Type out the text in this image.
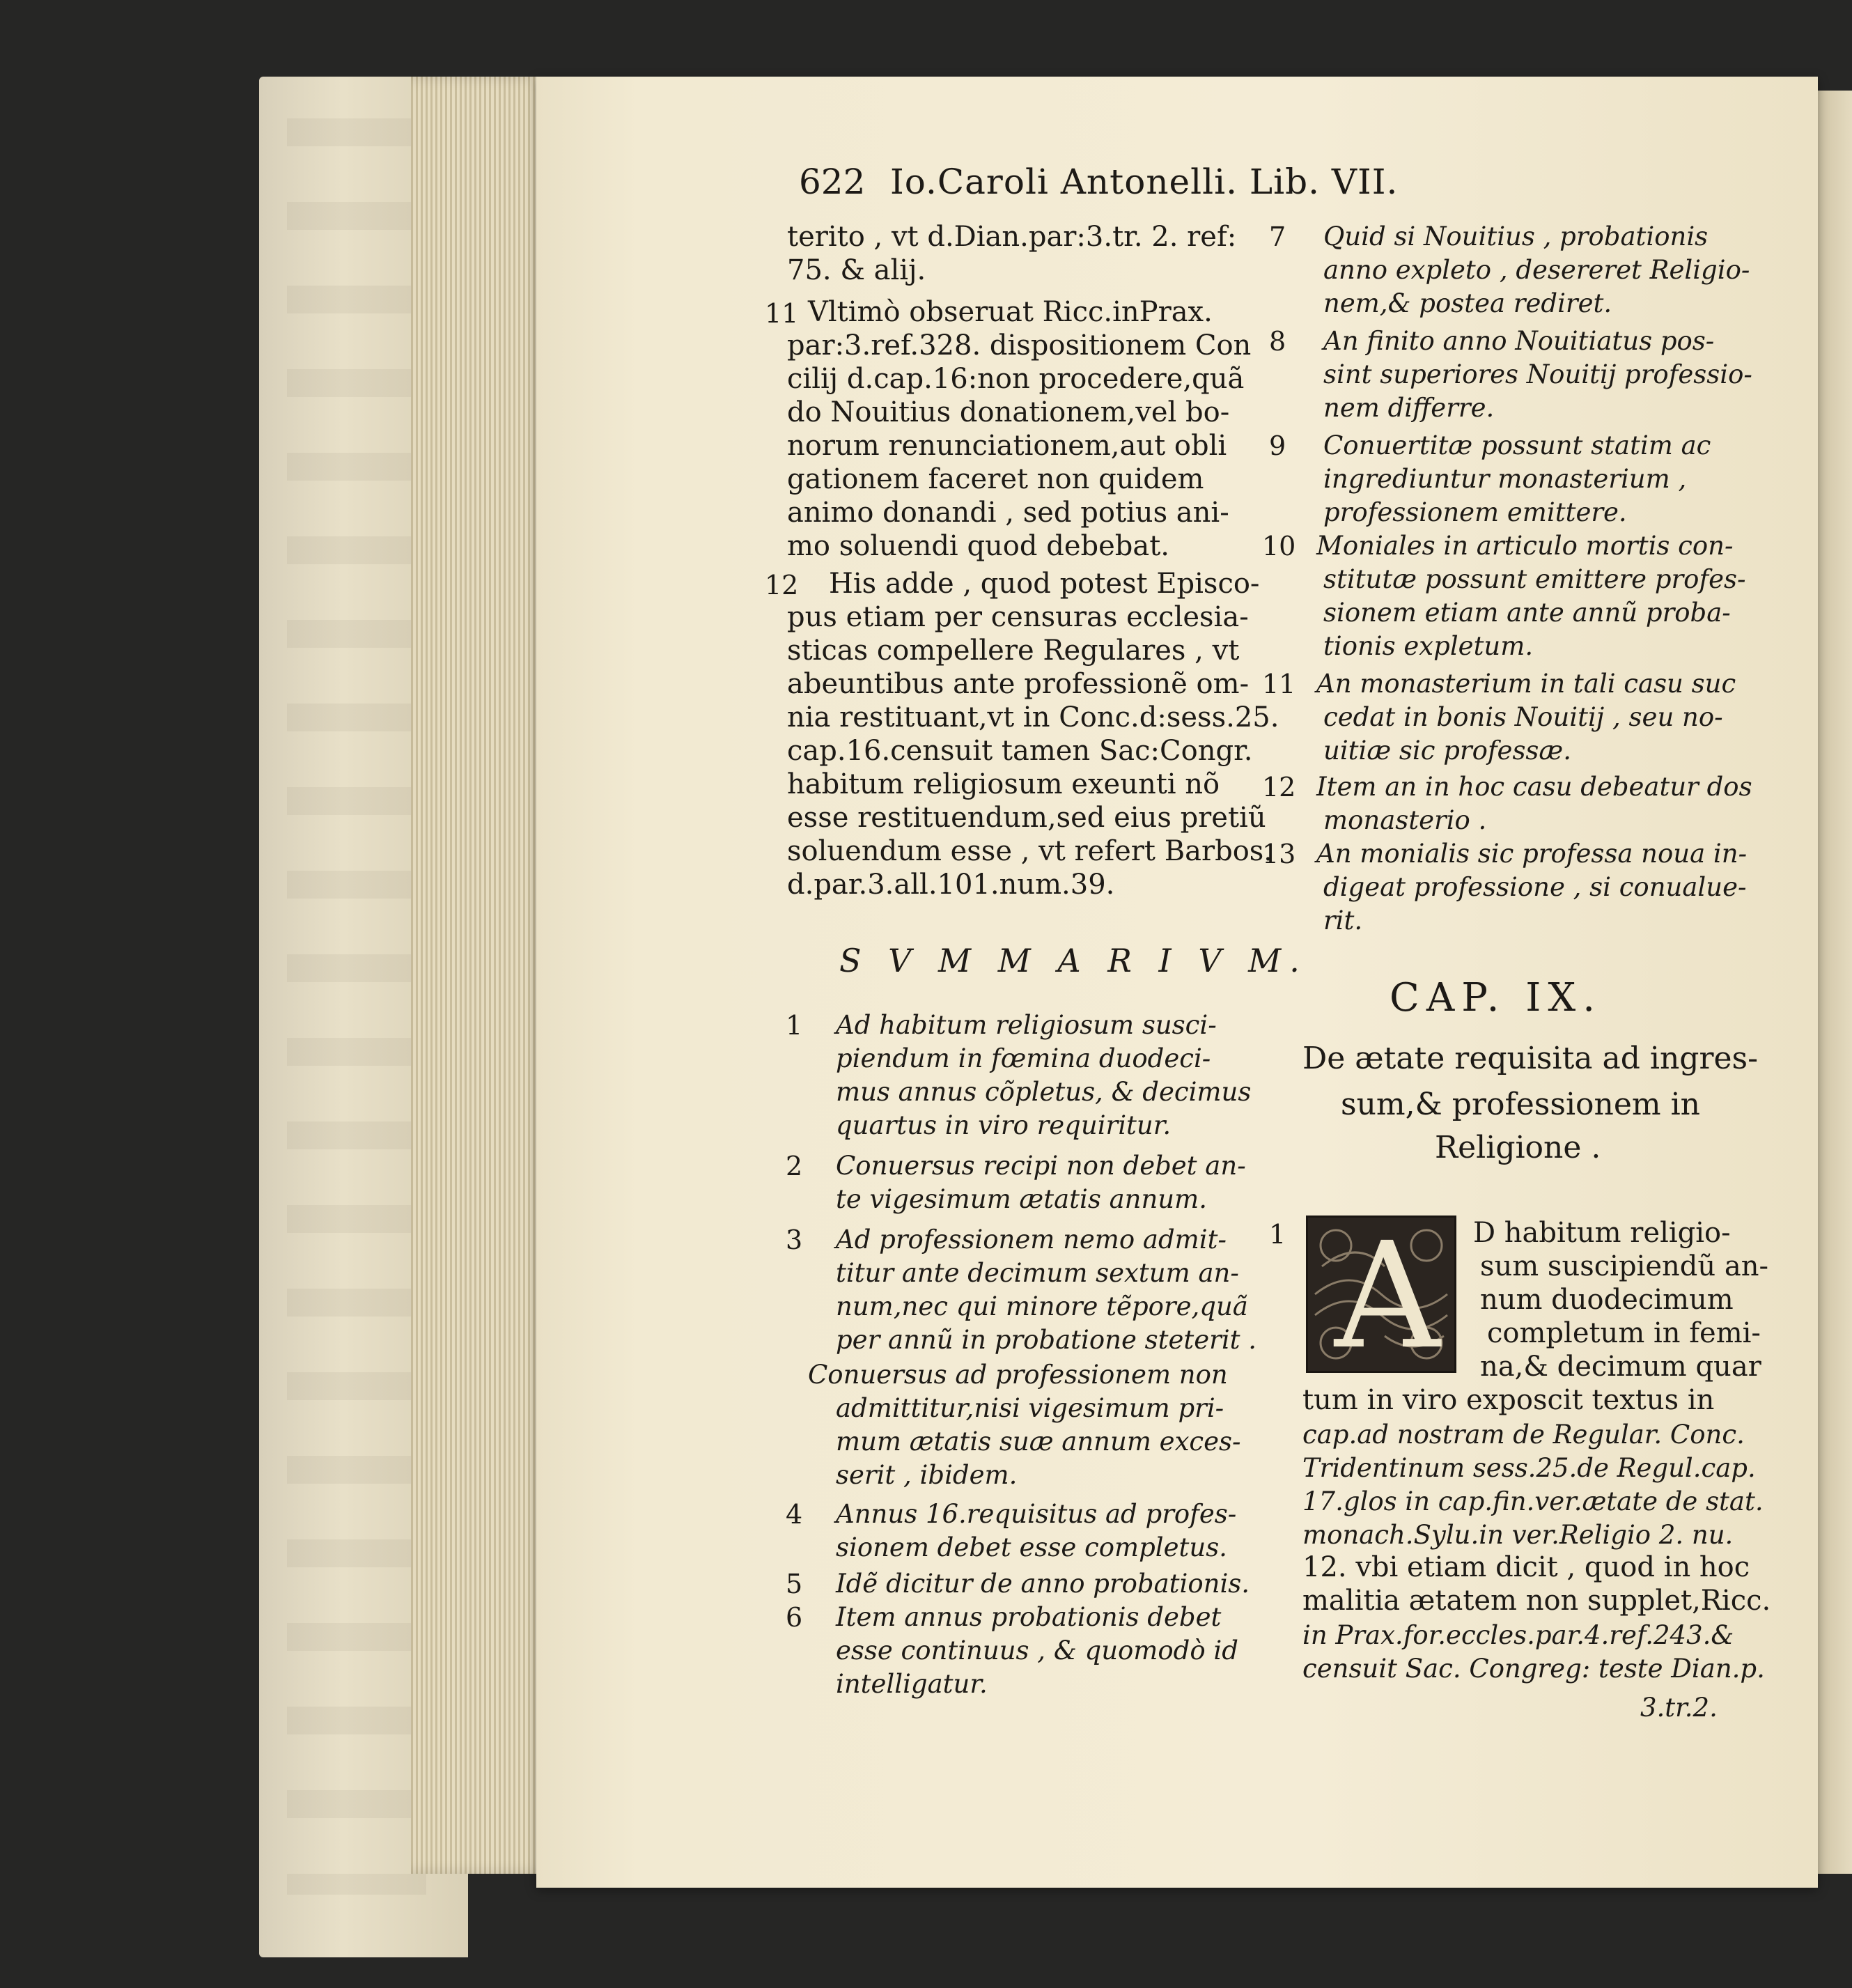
622 Io.Caroli Antonelli. Lib. VII.
terito , vt d.Dian.par:3.tr. 2. ref:
75. & alij.
11 Vltimò obseruat Ricc.inPrax.
par:3.ref.328. dispositionem Con
cilij d.cap.16:non procedere,quã
do Nouitius donationem,vel bo-
norum renunciationem,aut obli
gationem faceret non quidem
animo donandi , sed potius ani-
mo soluendi quod debebat.
12 His adde , quod potest Episco-
pus etiam per censuras ecclesia-
sticas compellere Regulares , vt
abeuntibus ante professionẽ om-
nia restituant,vt in Conc.d:sess.25.
cap.16.censuit tamen Sac:Congr.
habitum religiosum exeunti nõ
esse restituendum,sed eius pretiũ
soluendum esse , vt refert Barbos.
d.par.3.all.101.num.39.
S V M M A R I V M.
1 Ad habitum religiosum susci-
piendum in fœmina duodeci-
mus annus cõpletus, & decimus
quartus in viro requiritur.
2 Conuersus recipi non debet an-
te vigesimum ætatis annum.
3 Ad professionem nemo admit-
titur ante decimum sextum an-
num,nec qui minore tẽpore,quã
per annũ in probatione steterit .
Conuersus ad professionem non
admittitur,nisi vigesimum pri-
mum ætatis suæ annum exces-
serit , ibidem.
4 Annus 16.requisitus ad profes-
sionem debet esse completus.
5 Idẽ dicitur de anno probationis.
6 Item annus probationis debet
esse continuus , & quomodò id
intelligatur.
7 Quid si Nouitius , probationis
anno expleto , desereret Religio-
nem,& postea rediret.
8 An finito anno Nouitiatus pos-
sint superiores Nouitij professio-
nem differre.
9 Conuertitæ possunt statim ac
ingrediuntur monasterium ,
professionem emittere.
10 Moniales in articulo mortis con-
stitutæ possunt emittere profes-
sionem etiam ante annũ proba-
tionis expletum.
11 An monasterium in tali casu suc
cedat in bonis Nouitij , seu no-
uitiæ sic professæ.
12 Item an in hoc casu debeatur dos
monasterio .
13 An monialis sic professa noua in-
digeat professione , si conualue-
rit.
CAP. IX.
De ætate requisita ad ingres-
sum,& professionem in
Religione .
A
1	D habitum religio-
sum suscipiendũ an-
num duodecimum
completum in femi-
na,& decimum quar
tum in viro exposcit textus in
cap.ad nostram de Regular. Conc.
Tridentinum sess.25.de Regul.cap.
17.glos in cap.fin.ver.ætate de stat.
monach.Sylu.in ver.Religio 2. nu.
12. vbi etiam dicit , quod in hoc
malitia ætatem non supplet,Ricc.
in Prax.for.eccles.par.4.ref.243.&
censuit Sac. Congreg: teste Dian.p.
3.tr.2.
